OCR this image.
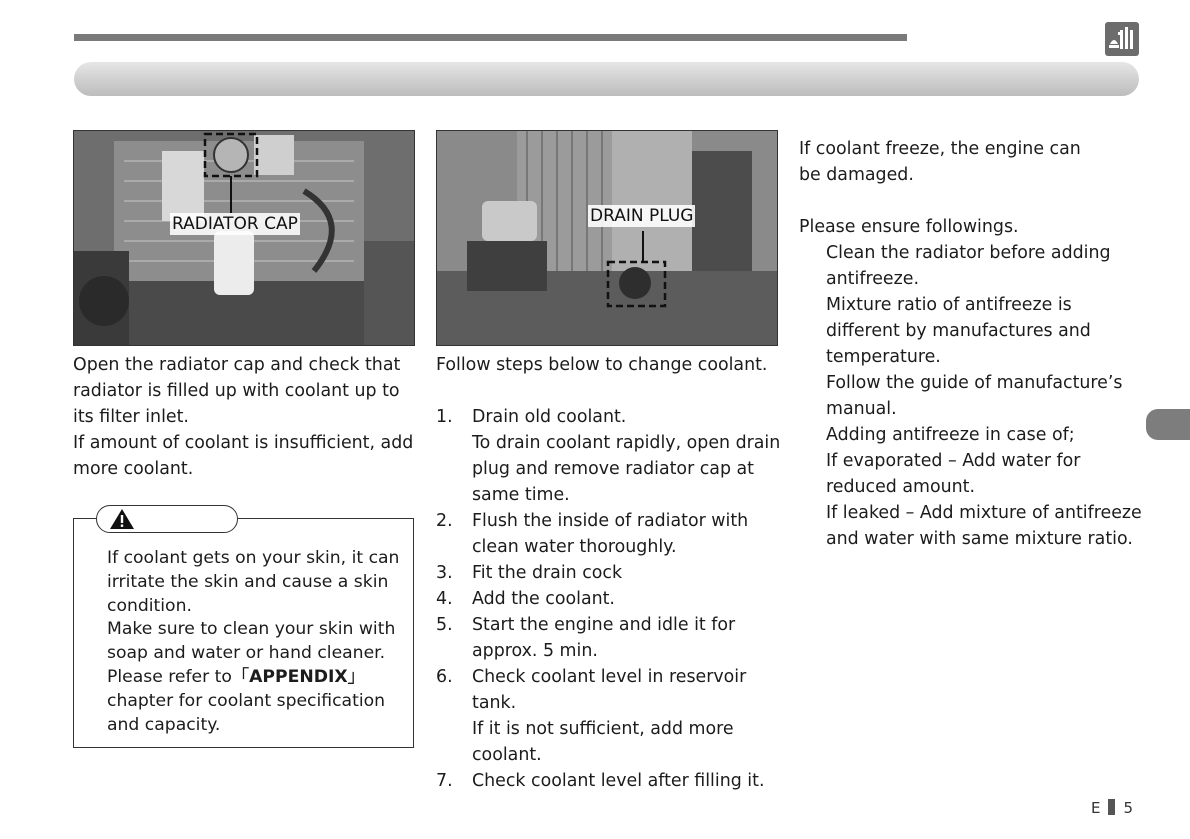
RADIATOR CAP	DRAIN PLUG

Open the radiator cap and check that radiator is filled up with coolant up to its filter inlet.

If amount of coolant is insufficient, add more coolant.

If coolant gets on your skin, it can irritate the skin and cause a skin condition.

Make sure to clean your skin with soap and water or hand cleaner.

Please refer to「APPENDIX」 chapter for coolant specification and capacity.

Follow steps below to change coolant.

1. Drain old coolant.
To drain coolant rapidly, open drain plug and remove radiator cap at same time.
2. Flush the inside of radiator with clean water thoroughly.
3. Fit the drain cock
4. Add the coolant.
5. Start the engine and idle it for approx. 5 min.
6. Check coolant level in reservoir tank.
If it is not sufficient, add more coolant.
7. Check coolant level after filling it.

If coolant freeze, the engine can be damaged.

Please ensure followings.

Clean the radiator before adding antifreeze.

Mixture ratio of antifreeze is different by manufactures and temperature.

Follow the guide of manufacture’s manual.

Adding antifreeze in case of;

If evaporated – Add water for reduced amount.

If leaked – Add mixture of antifreeze and water with same mixture ratio.

E 5
